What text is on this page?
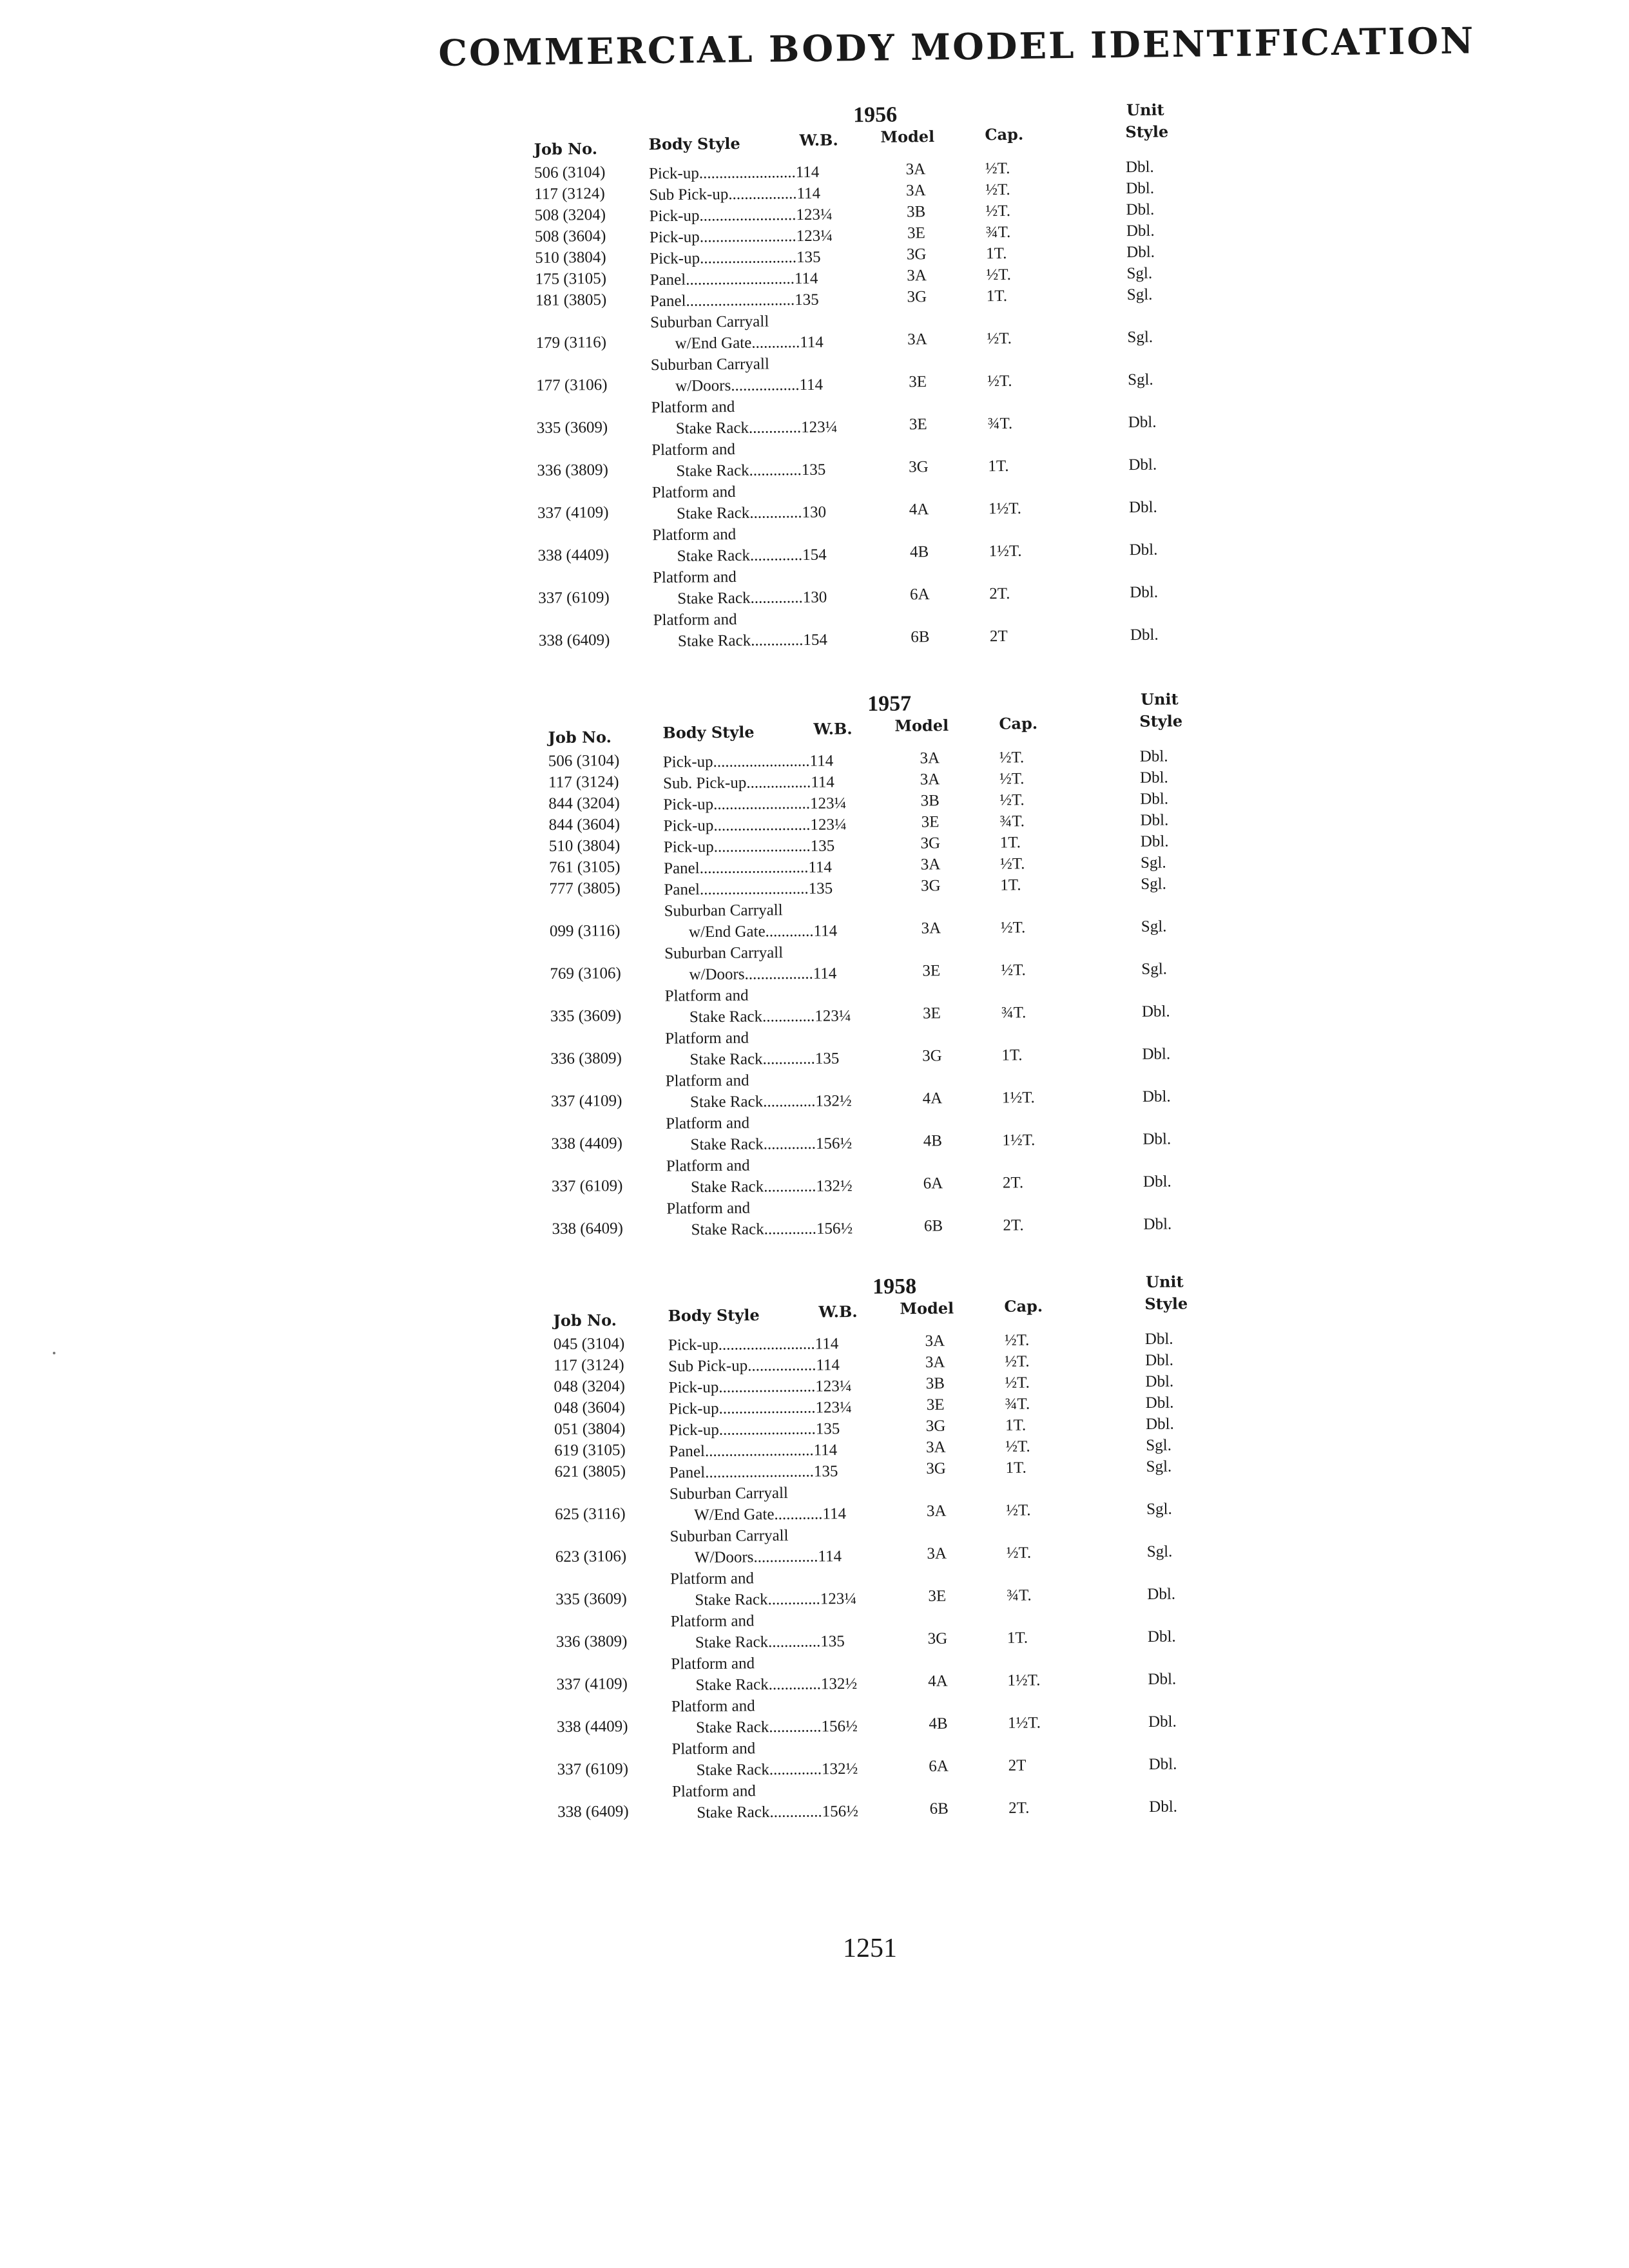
COMMERCIAL BODY MODEL IDENTIFICATION
1956	Unit
Job No.	Body Style	W.B.	Model	Cap.	Style
506 (3104)	Pick-up........................114	3A	½T.	Dbl.
117 (3124)	Sub Pick-up.................114	3A	½T.	Dbl.
508 (3204)	Pick-up........................123¼	3B	½T.	Dbl.
508 (3604)	Pick-up........................123¼	3E	¾T.	Dbl.
510 (3804)	Pick-up........................135	3G	1T.	Dbl.
175 (3105)	Panel...........................114	3A	½T.	Sgl.
181 (3805)	Panel...........................135	3G	1T.	Sgl.
179 (3116)
Suburban Carryall
w/End Gate............114	3A	½T.	Sgl.
177 (3106)
Suburban Carryall
w/Doors.................114	3E	½T.	Sgl.
335 (3609)
Platform and
Stake Rack.............123¼	3E	¾T.	Dbl.
336 (3809)
Platform and
Stake Rack.............135	3G	1T.	Dbl.
337 (4109)
Platform and
Stake Rack.............130	4A	1½T.	Dbl.
338 (4409)
Platform and
Stake Rack.............154	4B	1½T.	Dbl.
337 (6109)
Platform and
Stake Rack.............130	6A	2T.	Dbl.
338 (6409)
Platform and
Stake Rack.............154	6B	2T	Dbl.
1957	Unit
Job No.	Body Style	W.B.	Model	Cap.	Style
506 (3104)	Pick-up........................114	3A	½T.	Dbl.
117 (3124)	Sub. Pick-up................114	3A	½T.	Dbl.
844 (3204)	Pick-up........................123¼	3B	½T.	Dbl.
844 (3604)	Pick-up........................123¼	3E	¾T.	Dbl.
510 (3804)	Pick-up........................135	3G	1T.	Dbl.
761 (3105)	Panel...........................114	3A	½T.	Sgl.
777 (3805)	Panel...........................135	3G	1T.	Sgl.
099 (3116)
Suburban Carryall
w/End Gate............114	3A	½T.	Sgl.
769 (3106)
Suburban Carryall
w/Doors.................114	3E	½T.	Sgl.
335 (3609)
Platform and
Stake Rack.............123¼	3E	¾T.	Dbl.
336 (3809)
Platform and
Stake Rack.............135	3G	1T.	Dbl.
337 (4109)
Platform and
Stake Rack.............132½	4A	1½T.	Dbl.
338 (4409)
Platform and
Stake Rack.............156½	4B	1½T.	Dbl.
337 (6109)
Platform and
Stake Rack.............132½	6A	2T.	Dbl.
338 (6409)
Platform and
Stake Rack.............156½	6B	2T.	Dbl.
1958	Unit
Job No.	Body Style	W.B.	Model	Cap.	Style
045 (3104)	Pick-up........................114	3A	½T.	Dbl.
117 (3124)	Sub Pick-up.................114	3A	½T.	Dbl.
048 (3204)	Pick-up........................123¼	3B	½T.	Dbl.
048 (3604)	Pick-up........................123¼	3E	¾T.	Dbl.
051 (3804)	Pick-up........................135	3G	1T.	Dbl.
619 (3105)	Panel...........................114	3A	½T.	Sgl.
621 (3805)	Panel...........................135	3G	1T.	Sgl.
625 (3116)
Suburban Carryall
W/End Gate............114	3A	½T.	Sgl.
623 (3106)
Suburban Carryall
W/Doors................114	3A	½T.	Sgl.
335 (3609)
Platform and
Stake Rack.............123¼	3E	¾T.	Dbl.
336 (3809)
Platform and
Stake Rack.............135	3G	1T.	Dbl.
337 (4109)
Platform and
Stake Rack.............132½	4A	1½T.	Dbl.
338 (4409)
Platform and
Stake Rack.............156½	4B	1½T.	Dbl.
337 (6109)
Platform and
Stake Rack.............132½	6A	2T	Dbl.
338 (6409)
Platform and
Stake Rack.............156½	6B	2T.	Dbl.
1251
